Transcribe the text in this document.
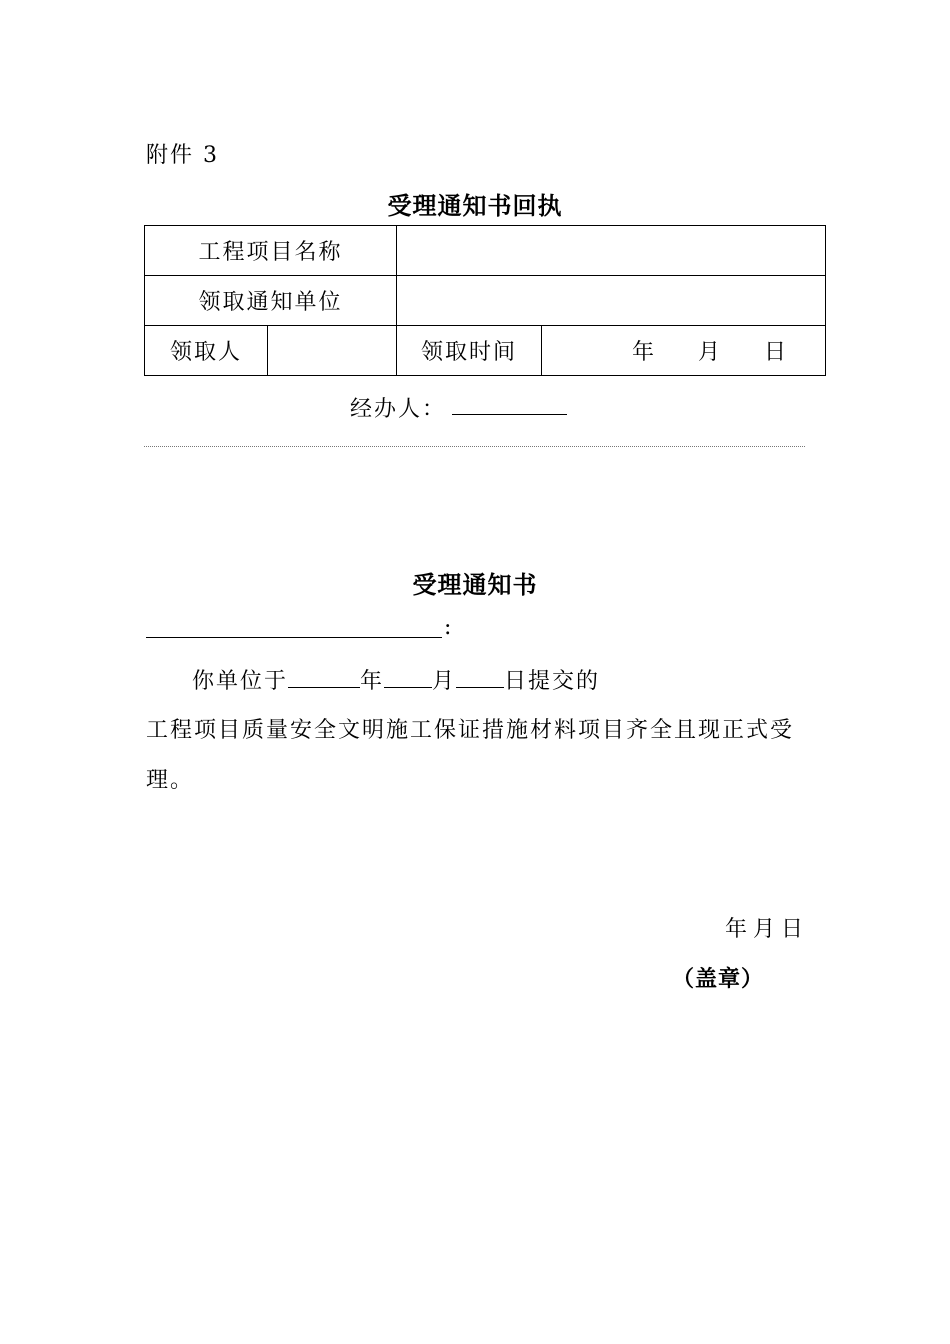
附件 3
受理通知书回执
工程项目名称			
领取通知单位			
领取人		领取时间	年 月 日
经办人：
受理通知书
:
你单位于	年 月 日提交的
工程项目质量安全文明施工保证措施材料项目齐全且现正式受
理。
年月日
（盖章）
